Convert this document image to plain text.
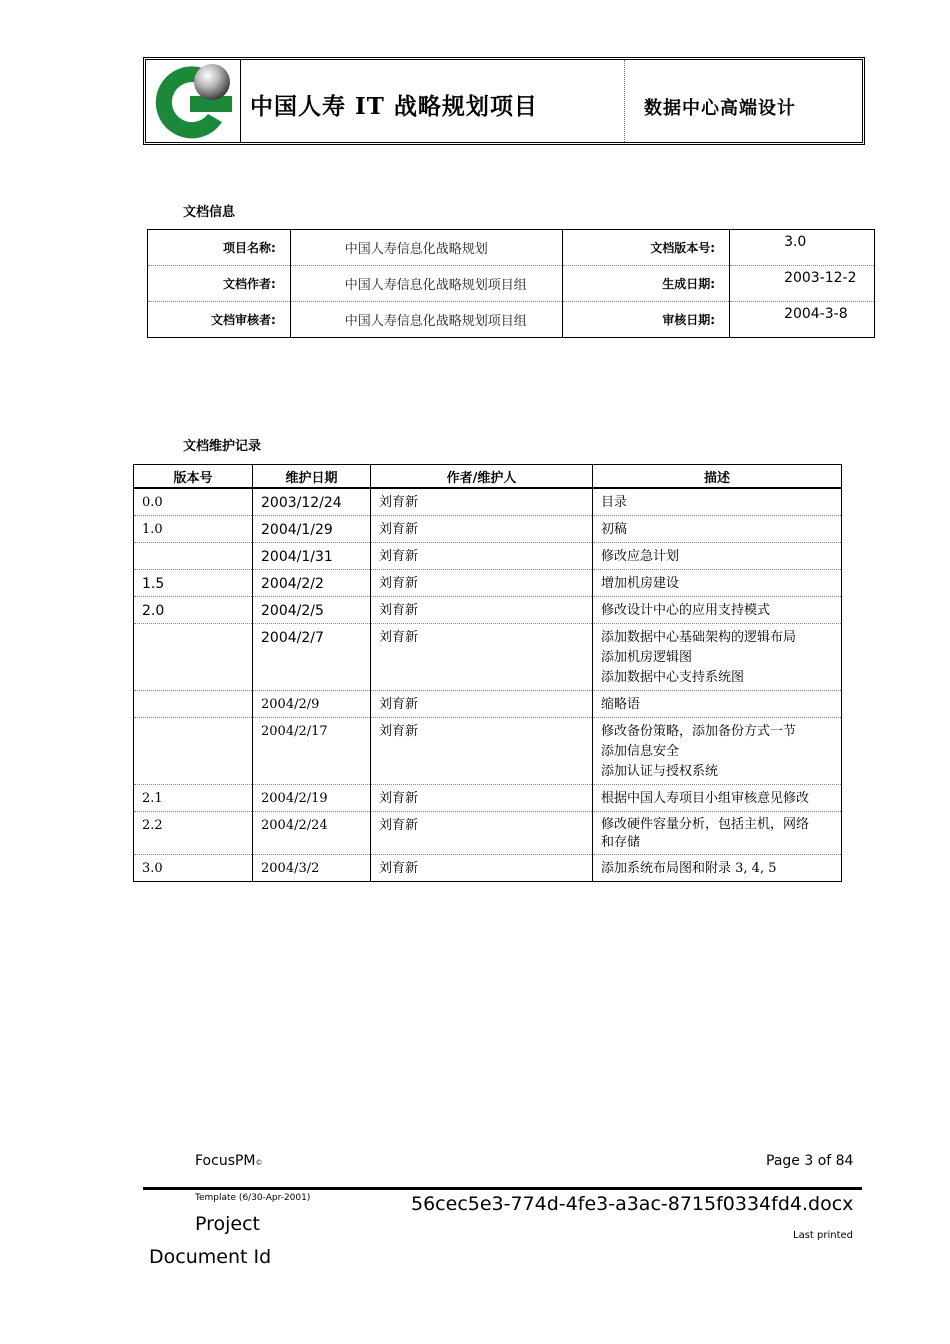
中国人寿 IT 战略规划项目	数据中心高端设计
文档信息
项目名称:	中国人寿信息化战略规划	文档版本号:	3.0
文档作者:	中国人寿信息化战略规划项目组	生成日期:	2003-12-2
文档审核者:	中国人寿信息化战略规划项目组	审核日期:	2004-3-8
文档维护记录
版本号	维护日期	作者/维护人	描述
0.0	2003/12/24	刘育新	目录

1.0	2004/1/29	刘育新	初稿

	2004/1/31	刘育新	修改应急计划

1.5	2004/2/2	刘育新	增加机房建设

2.0	2004/2/5	刘育新	修改设计中心的应用支持模式

	2004/2/7	刘育新	添加数据中心基础架构的逻辑布局
添加机房逻辑图
添加数据中心支持系统图

	2004/2/9	刘育新	缩略语

	2004/2/17	刘育新	修改备份策略，添加备份方式一节
添加信息安全
添加认证与授权系统

2.1	2004/2/19	刘育新	根据中国人寿项目小组审核意见修改

2.2	2004/2/24	刘育新	修改硬件容量分析，包括主机，网络
和存储

3.0	2004/3/2	刘育新	添加系统布局图和附录 3, 4, 5
FocusPM©	Page 3 of 84
Template (6/30-Apr-2001)	56cec5e3-774d-4fe3-a3ac-8715f0334fd4.docx
Project
Last printed
Document Id
